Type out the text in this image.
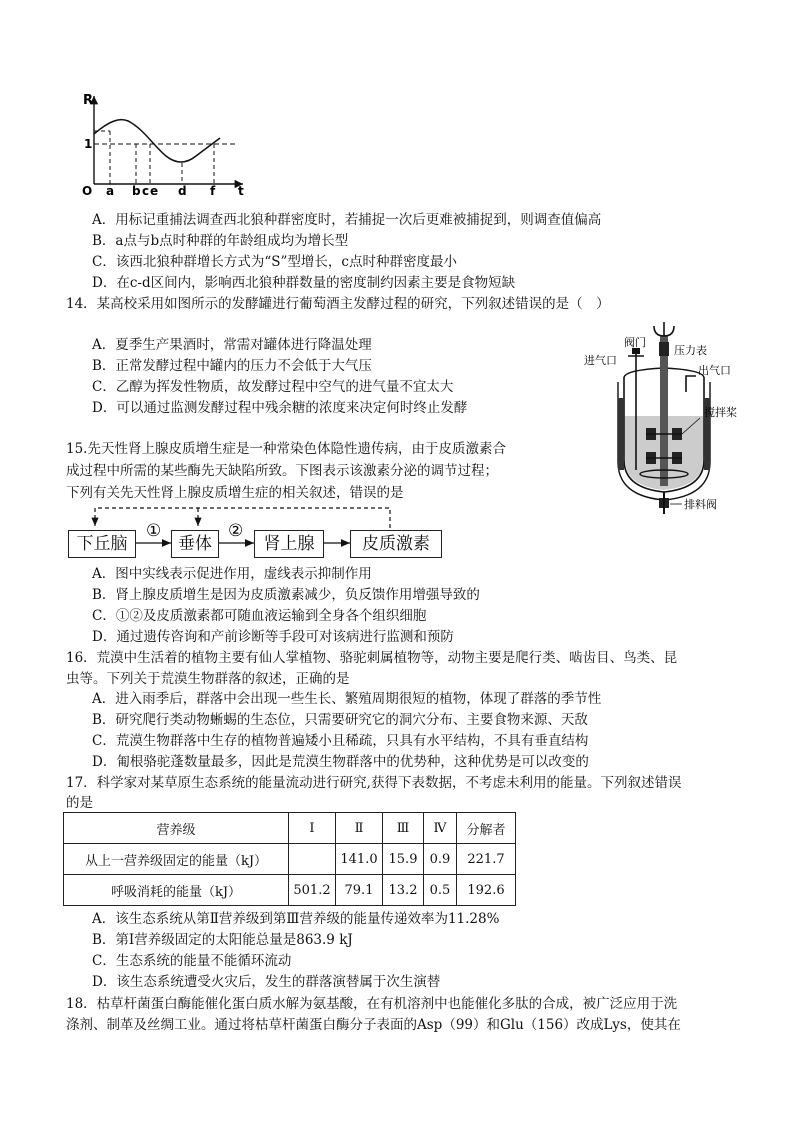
R
1
O	t
a b c e d f
A．用标记重捕法调查西北狼种群密度时，若捕捉一次后更难被捕捉到，则调查值偏高
B．a点与b点时种群的年龄组成均为增长型
C．该西北狼种群增长方式为“S”型增长，c点时种群密度最小
D．在c-d区间内，影响西北狼种群数量的密度制约因素主要是食物短缺
14．某高校采用如图所示的发酵罐进行葡萄酒主发酵过程的研究，下列叙述错误的是（　）
A．夏季生产果酒时，常需对罐体进行降温处理
B．正常发酵过程中罐内的压力不会低于大气压
C．乙醇为挥发性物质，故发酵过程中空气的进气量不宜太大
D．可以通过监测发酵过程中残余糖的浓度来决定何时终止发酵
阀门
压力表
进气口
出气口
搅拌桨
排料阀
15.先天性肾上腺皮质增生症是一种常染色体隐性遗传病，由于皮质激素合
成过程中所需的某些酶先天缺陷所致。下图表示该激素分泌的调节过程；
下列有关先天性肾上腺皮质增生症的相关叙述，错误的是
①	②
下丘脑	垂体	肾上腺	皮质激素
A．图中实线表示促进作用，虚线表示抑制作用
B．肾上腺皮质增生是因为皮质激素减少，负反馈作用增强导致的
C．①②及皮质激素都可随血液运输到全身各个组织细胞
D．通过遗传咨询和产前诊断等手段可对该病进行监测和预防
16．荒漠中生活着的植物主要有仙人掌植物、骆驼刺属植物等，动物主要是爬行类、啮齿目、鸟类、昆
虫等。下列关于荒漠生物群落的叙述，正确的是
A．进入雨季后，群落中会出现一些生长、繁殖周期很短的植物，体现了群落的季节性
B．研究爬行类动物蜥蜴的生态位，只需要研究它的洞穴分布、主要食物来源、天敌
C．荒漠生物群落中生存的植物普遍矮小且稀疏，只具有水平结构，不具有垂直结构
D．匍根骆驼蓬数量最多，因此是荒漠生物群落中的优势种，这种优势是可以改变的
17．科学家对某草原生态系统的能量流动进行研究,获得下表数据，不考虑未利用的能量。下列叙述错误
的是
营养级	Ⅰ	Ⅱ	Ⅲ	Ⅳ	分解者
从上一营养级固定的能量（kJ）		141.0	15.9	0.9	221.7
呼吸消耗的能量（kJ）	501.2	79.1	13.2	0.5	192.6
A．该生态系统从第Ⅱ营养级到第Ⅲ营养级的能量传递效率为11.28%
B．第Ⅰ营养级固定的太阳能总量是863.9 kJ
C．生态系统的能量不能循环流动
D．该生态系统遭受火灾后，发生的群落演替属于次生演替
18．枯草杆菌蛋白酶能催化蛋白质水解为氨基酸，在有机溶剂中也能催化多肽的合成，被广泛应用于洗
涤剂、制革及丝绸工业。通过将枯草杆菌蛋白酶分子表面的Asp（99）和Glu（156）改成Lys，使其在
